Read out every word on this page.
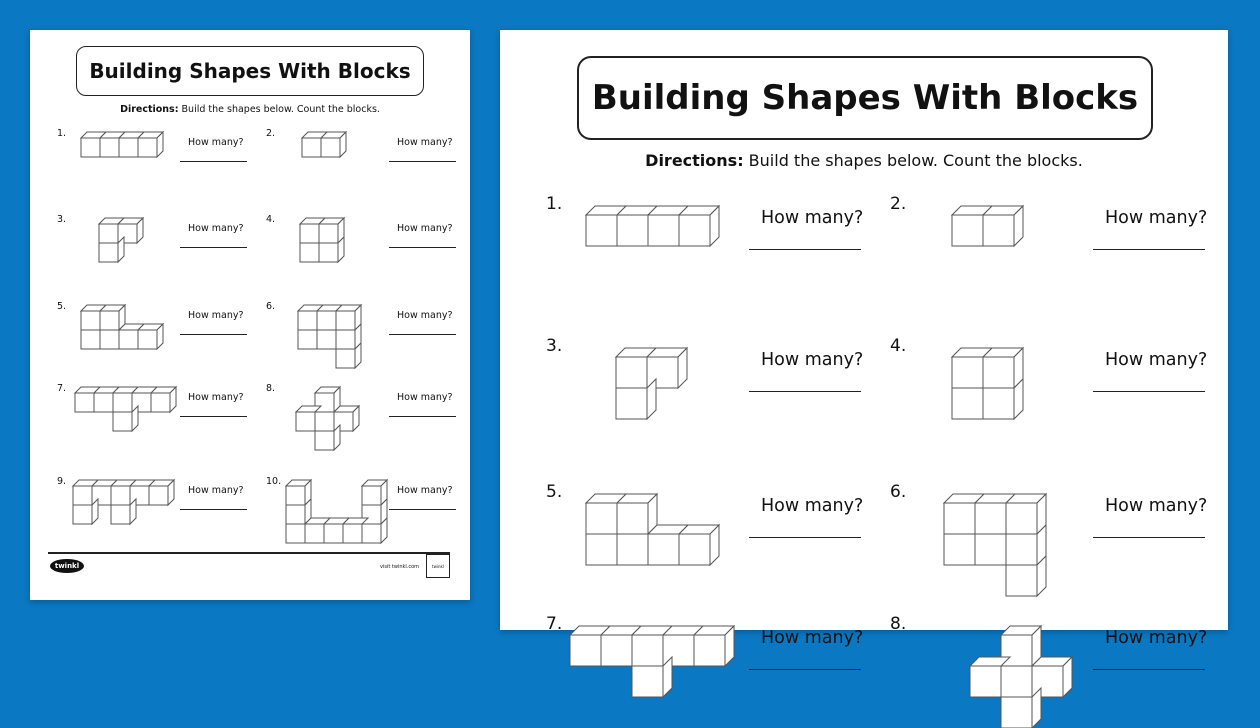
Building Shapes With Blocks
Directions: Build the shapes below. Count the blocks.
twinkl	visit twinkl.com	twinkl
1.
How many?
2.
How many?
3.
How many?
4.
How many?
5.
How many?
6.
How many?
7.
How many?
8.
How many?
9.
How many?
10.
How many?
Building Shapes With Blocks
Directions: Build the shapes below. Count the blocks.
1.
How many?
2.
How many?
3.
How many?
4.
How many?
5.
How many?
6.
How many?
7.
How many?
8.
How many?
